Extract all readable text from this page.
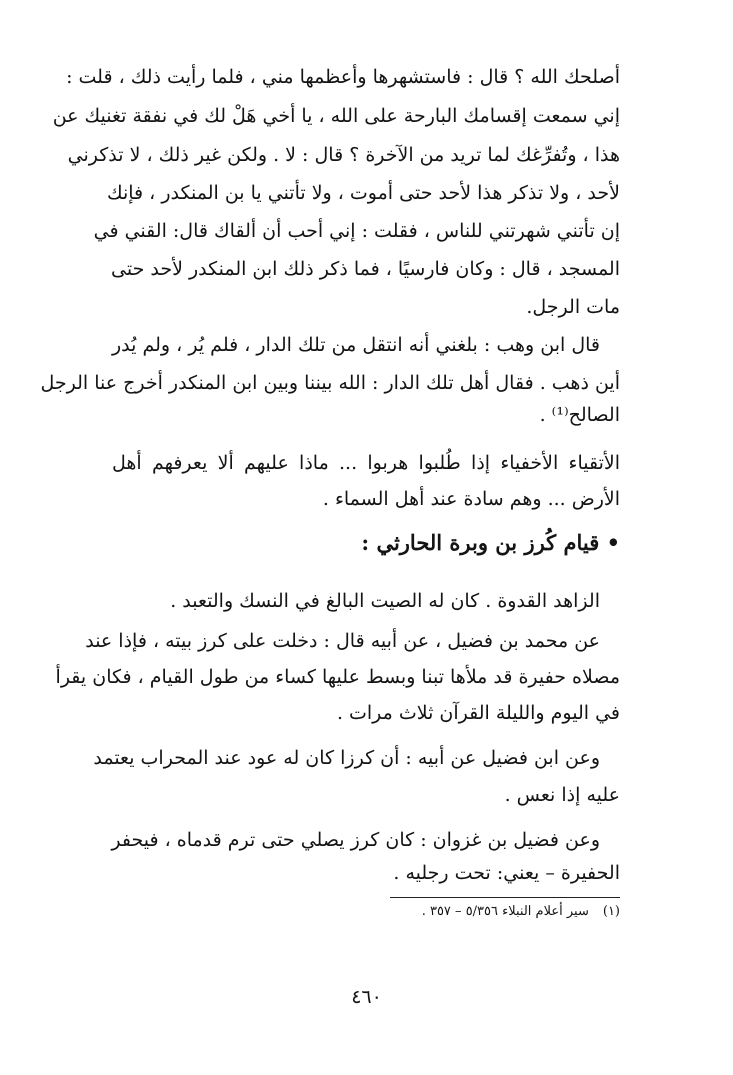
أصلحك الله ؟ قال : فاستشهرها وأعظمها مني ، فلما رأيت ذلك ، قلت :
إني سمعت إقسامك البارحة على الله ، يا أخي هَلْ لك في نفقة تغنيك عن
هذا ، وتُفرِّغك لما تريد من الآخرة ؟ قال : لا . ولكن غير ذلك ، لا تذكرني
لأحد ، ولا تذكر هذا لأحد حتى أموت ، ولا تأتني يا بن المنكدر ، فإنك
إن تأتني شهرتني للناس ، فقلت : إني أحب أن ألقاك قال: القني في
المسجد ، قال : وكان فارسيًا ، فما ذكر ذلك ابن المنكدر لأحد حتى
مات الرجل.
قال ابن وهب : بلغني أنه انتقل من تلك الدار ، فلم يُر ، ولم يُدر
أين ذهب . فقال أهل تلك الدار : الله بيننا وبين ابن المنكدر أخرج عنا الرجل
الصالح⁽¹⁾ .
الأتقياء الأخفياء إذا طُلبوا هربوا ... ماذا عليهم ألا يعرفهم أهل
الأرض ... وهم سادة عند أهل السماء .
• قيام كُرز بن وبرة الحارثي :
الزاهد القدوة . كان له الصيت البالغ في النسك والتعبد .
عن محمد بن فضيل ، عن أبيه قال : دخلت على كرز بيته ، فإذا عند
مصلاه حفيرة قد ملأها تبنا وبسط عليها كساء من طول القيام ، فكان يقرأ
في اليوم والليلة القرآن ثلاث مرات .
وعن ابن فضيل عن أبيه : أن كرزا كان له عود عند المحراب يعتمد
عليه إذا نعس .
وعن فضيل بن غزوان : كان كرز يصلي حتى ترم قدماه ، فيحفر
الحفيرة – يعني: تحت رجليه .
(١)سير أعلام النبلاء ٥/٣٥٦ – ٣٥٧ .
٤٦٠
